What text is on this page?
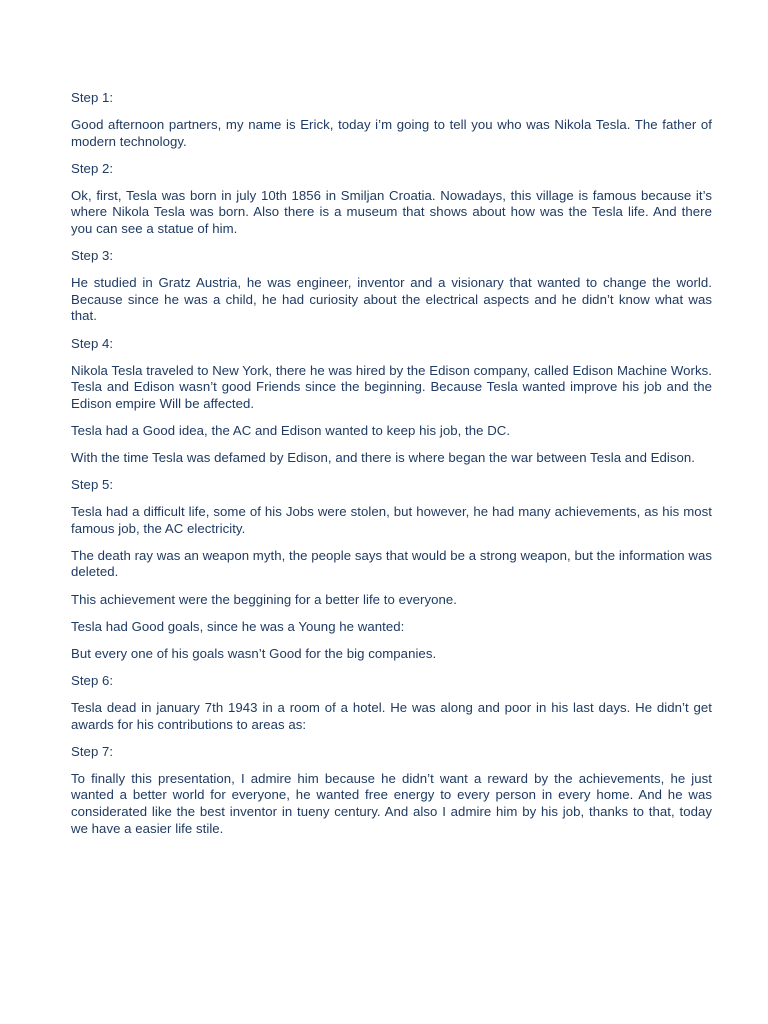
Step 1:

Good afternoon partners, my name is Erick, today i’m going to tell you who was Nikola Tesla. The father of modern technology.

Step 2:

Ok, first, Tesla was born in july 10th 1856 in Smiljan Croatia. Nowadays, this village is famous because it’s where Nikola Tesla was born. Also there is a museum that shows about how was the Tesla life. And there you can see a statue of him.

Step 3:

He studied in Gratz Austria, he was engineer, inventor and a visionary that wanted to change the world. Because since he was a child, he had curiosity about the electrical aspects and he didn’t know what was that.

Step 4:

Nikola Tesla traveled to New York, there he was hired by the Edison company, called Edison Machine Works. Tesla and Edison wasn’t good Friends since the beginning. Because Tesla wanted improve his job and the Edison empire Will be affected.

Tesla had a Good idea, the AC and Edison wanted to keep his job, the DC.

With the time Tesla was defamed by Edison, and there is where began the war between Tesla and Edison.

Step 5:

Tesla had a difficult life, some of his Jobs were stolen, but however, he had many achievements, as his most famous job, the AC electricity.

The death ray was an weapon myth, the people says that would be a strong weapon, but the information was deleted.

This achievement were the beggining for a better life to everyone.

Tesla had Good goals, since he was a Young he wanted:

But every one of his goals wasn’t Good for the big companies.

Step 6:

Tesla dead in january 7th 1943 in a room of a hotel. He was along and poor in his last days. He didn’t get awards for his contributions to areas as:

Step 7:

To finally this presentation, I admire him because he didn’t want a reward by the achievements, he just wanted a better world for everyone, he wanted free energy to every person in every home. And he was considerated like the best inventor in tueny century. And also I admire him by his job, thanks to that, today we have a easier life stile.
